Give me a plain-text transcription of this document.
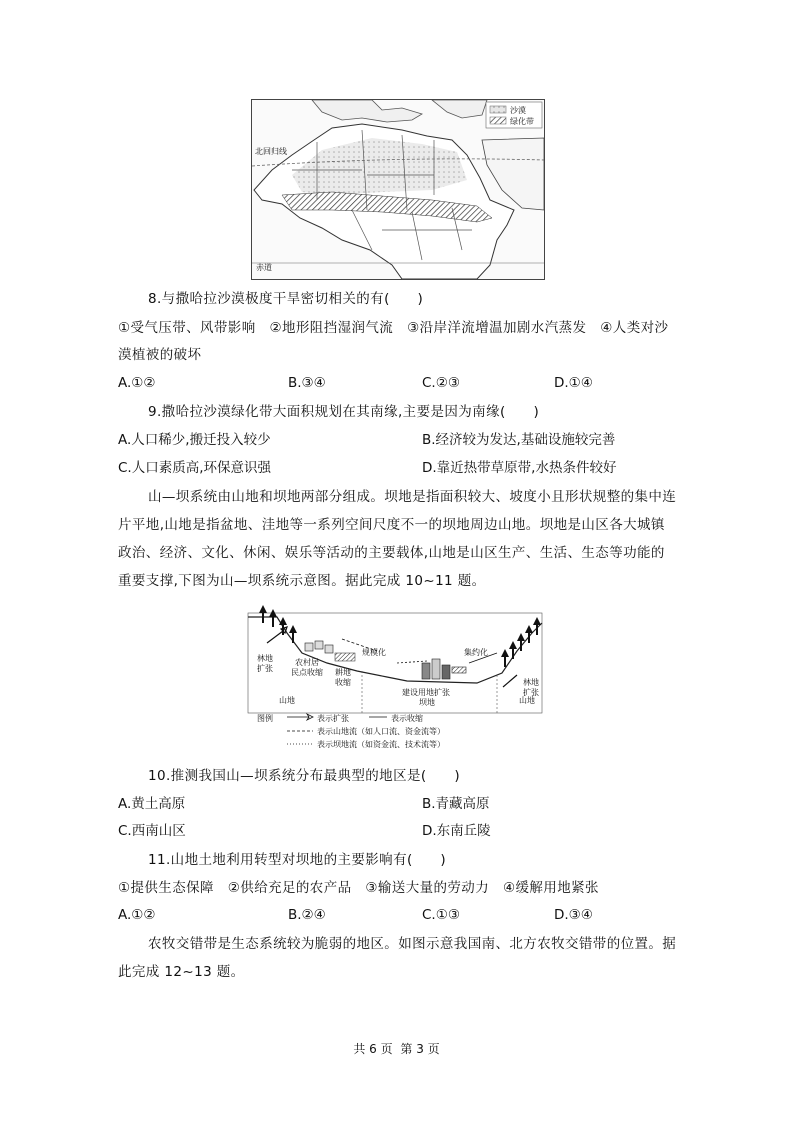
北回归线
赤道
沙漠
绿化带
8.与撒哈拉沙漠极度干旱密切相关的有(　　)
①受气压带、风带影响　②地形阻挡湿润气流　③沿岸洋流增温加剧水汽蒸发　④人类对沙
漠植被的破坏
A.①②	B.③④	C.②③	D.①④
9.撒哈拉沙漠绿化带大面积规划在其南缘,主要是因为南缘(　　)
A.人口稀少,搬迁投入较少	B.经济较为发达,基础设施较完善
C.人口素质高,环保意识强	D.靠近热带草原带,水热条件较好
山—坝系统由山地和坝地两部分组成。坝地是指面积较大、坡度小且形状规整的集中连
片平地,山地是指盆地、洼地等一系列空间尺度不一的坝地周边山地。坝地是山区各大城镇
政治、经济、文化、休闲、娱乐等活动的主要载体,山地是山区生产、生活、生态等功能的
重要支撑,下图为山—坝系统示意图。据此完成 10~11 题。
林地
扩张
农村居
民点收缩 耕地
收缩
规模化	集约化
建设用地扩张
坝地
山地	山地
林地
扩张
图例	表示扩张	表示收缩
表示山地流（如人口流、资金流等）
表示坝地流（如资金流、技术流等）
10.推测我国山—坝系统分布最典型的地区是(　　)
A.黄土高原	B.青藏高原
C.西南山区	D.东南丘陵
11.山地土地利用转型对坝地的主要影响有(　　)
①提供生态保障　②供给充足的农产品　③输送大量的劳动力　④缓解用地紧张
A.①②	B.②④	C.①③	D.③④
农牧交错带是生态系统较为脆弱的地区。如图示意我国南、北方农牧交错带的位置。据
此完成 12~13 题。
共 6 页 第 3 页
